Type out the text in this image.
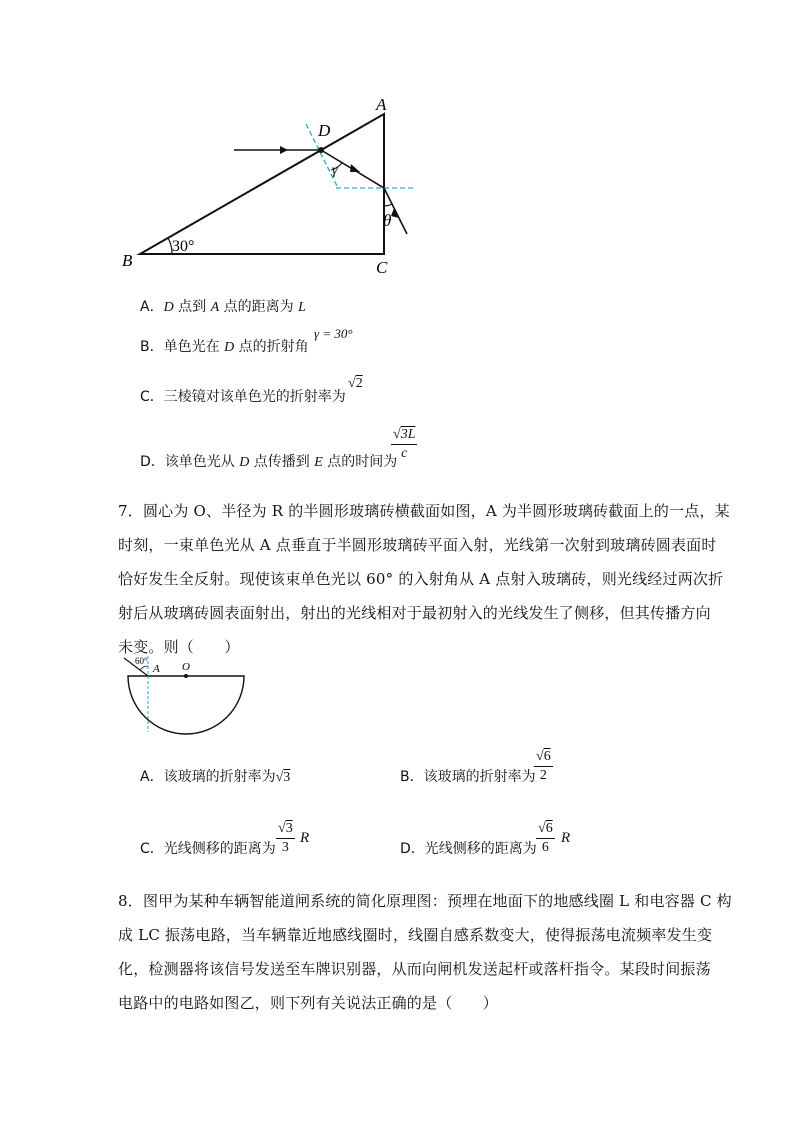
A
B	C
D
30°
γ
θ
A．D 点到 A 点的距离为 L
B．单色光在 D 点的折射角
γ = 30°
C．三棱镜对该单色光的折射率为
√2
D．该单色光从 D 点传播到 E 点的时间为
$\frac{√3L}{c}$
7．圆心为 O、半径为 R 的半圆形玻璃砖横截面如图，A 为半圆形玻璃砖截面上的一点，某
时刻，一束单色光从 A 点垂直于半圆形玻璃砖平面入射，光线第一次射到玻璃砖圆表面时
恰好发生全反射。现使该束单色光以 60° 的入射角从 A 点射入玻璃砖，则光线经过两次折
射后从玻璃砖圆表面射出，射出的光线相对于最初射入的光线发生了侧移，但其传播方向
未变。则（　　）
60°
A O
A．该玻璃的折射率为√3	B．该玻璃的折射率为
$\frac{√6}{2}$
C．光线侧移的距离为 $\frac{√3}{3}$ R
D．光线侧移的距离为 $\frac{√6}{6}$ R
8．图甲为某种车辆智能道闸系统的简化原理图：预埋在地面下的地感线圈 L 和电容器 C 构
成 LC 振荡电路，当车辆靠近地感线圈时，线圈自感系数变大，使得振荡电流频率发生变
化，检测器将该信号发送至车牌识别器，从而向闸机发送起杆或落杆指令。某段时间振荡
电路中的电路如图乙，则下列有关说法正确的是（　　）
